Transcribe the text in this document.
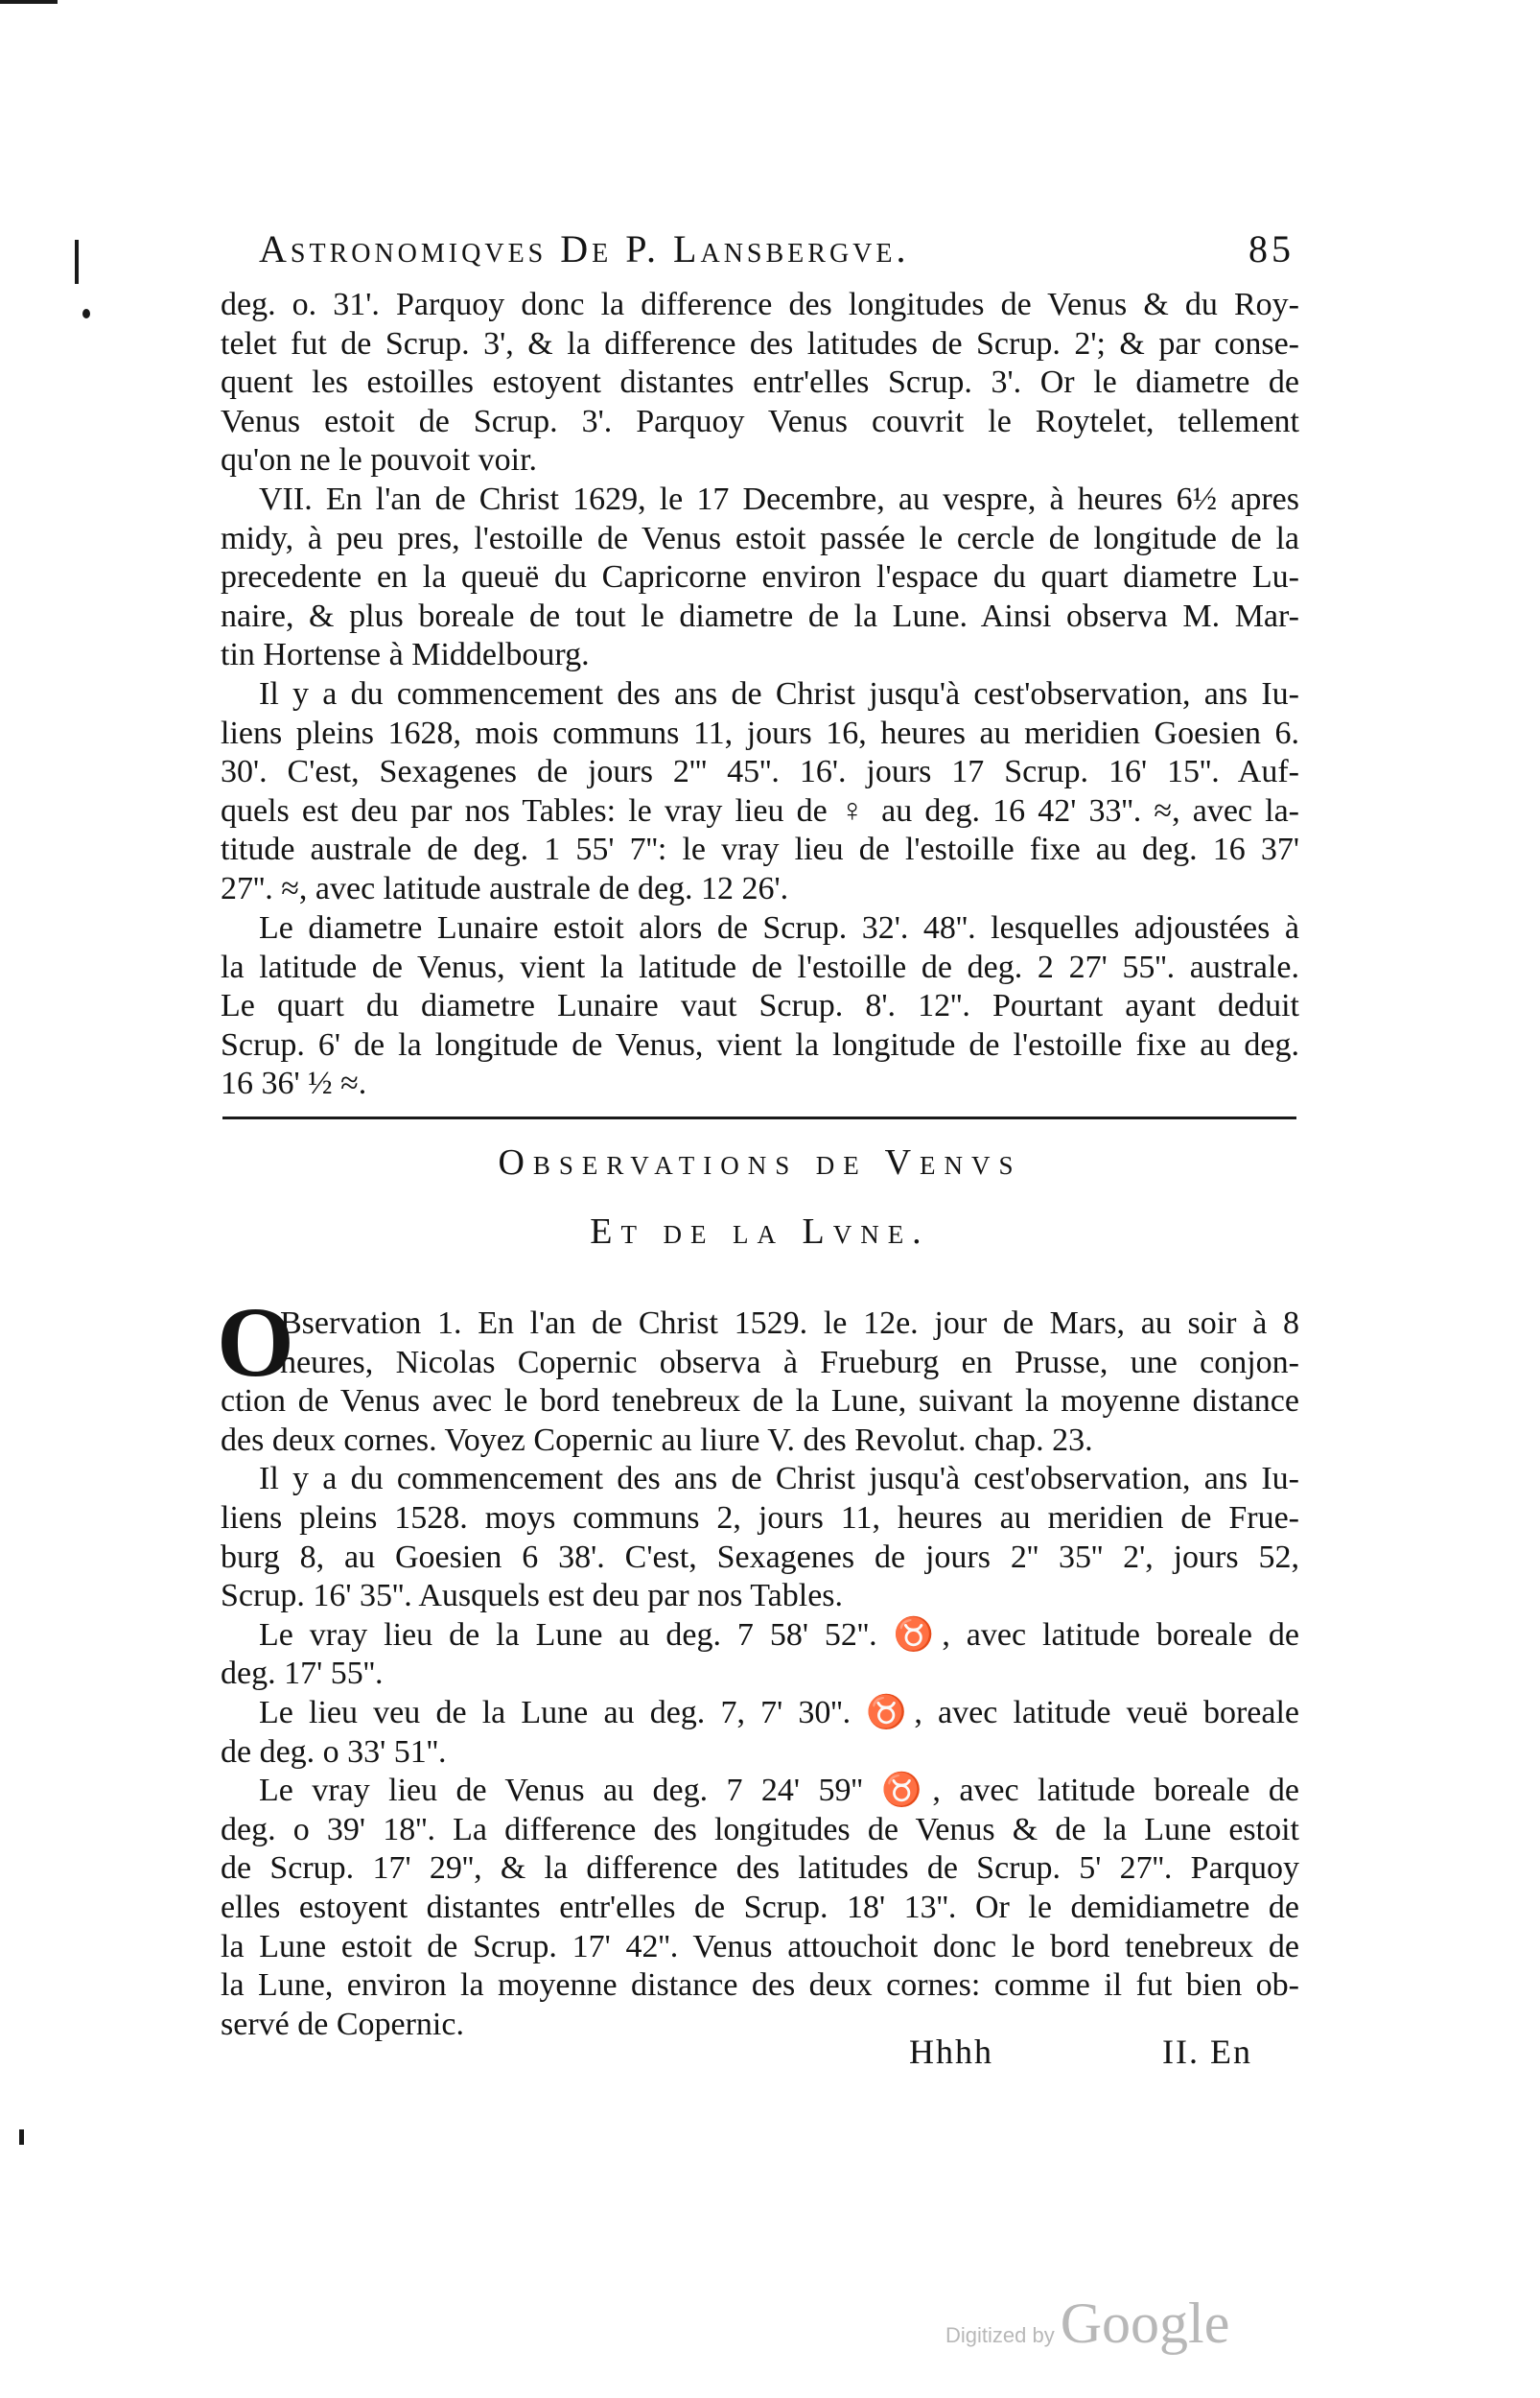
Astronomiqves De P. Lansbergve.	85
deg. o. 31'. Parquoy donc la difference des longitudes de Venus & du Roy-
telet fut de Scrup. 3', & la difference des latitudes de Scrup. 2'; & par conse-
quent les estoilles estoyent distantes entr'elles Scrup. 3'. Or le diametre de
Venus estoit de Scrup. 3'. Parquoy Venus couvrit le Roytelet, tellement
qu'on ne le pouvoit voir.
VII. En l'an de Christ 1629, le 17 Decembre, au vespre, à heures 6½ apres
midy, à peu pres, l'estoille de Venus estoit passée le cercle de longitude de la
precedente en la queuë du Capricorne environ l'espace du quart diametre Lu-
naire, & plus boreale de tout le diametre de la Lune. Ainsi observa M. Mar-
tin Hortense à Middelbourg.
Il y a du commencement des ans de Christ jusqu'à cest'observation, ans Iu-
liens pleins 1628, mois communs 11, jours 16, heures au meridien Goesien 6.
30'. C'est, Sexagenes de jours 2''' 45''. 16'. jours 17 Scrup. 16' 15''. Auf-
quels est deu par nos Tables: le vray lieu de ♀ au deg. 16 42' 33''. ≈, avec la-
titude australe de deg. 1 55' 7'': le vray lieu de l'estoille fixe au deg. 16 37'
27''. ≈, avec latitude australe de deg. 12 26'.
Le diametre Lunaire estoit alors de Scrup. 32'. 48''. lesquelles adjoustées à
la latitude de Venus, vient la latitude de l'estoille de deg. 2 27' 55''. australe.
Le quart du diametre Lunaire vaut Scrup. 8'. 12''. Pourtant ayant deduit
Scrup. 6' de la longitude de Venus, vient la longitude de l'estoille fixe au deg.
16 36' ½ ≈.
Observations de Venvs
Et de la Lvne.
O
Bservation 1. En l'an de Christ 1529. le 12e. jour de Mars, au soir à 8
heures, Nicolas Copernic observa à Frueburg en Prusse, une conjon-
ction de Venus avec le bord tenebreux de la Lune, suivant la moyenne distance
des deux cornes. Voyez Copernic au liure V. des Revolut. chap. 23.
Il y a du commencement des ans de Christ jusqu'à cest'observation, ans Iu-
liens pleins 1528. moys communs 2, jours 11, heures au meridien de Frue-
burg 8, au Goesien 6 38'. C'est, Sexagenes de jours 2'' 35'' 2', jours 52,
Scrup. 16' 35''. Ausquels est deu par nos Tables.
Le vray lieu de la Lune au deg. 7 58' 52''. ♉, avec latitude boreale de
deg. 17' 55''.
Le lieu veu de la Lune au deg. 7, 7' 30''. ♉, avec latitude veuë boreale
de deg. o 33' 51''.
Le vray lieu de Venus au deg. 7 24' 59'' ♉, avec latitude boreale de
deg. o 39' 18''. La difference des longitudes de Venus & de la Lune estoit
de Scrup. 17' 29'', & la difference des latitudes de Scrup. 5' 27''. Parquoy
elles estoyent distantes entr'elles de Scrup. 18' 13''. Or le demidiametre de
la Lune estoit de Scrup. 17' 42''. Venus attouchoit donc le bord tenebreux de
la Lune, environ la moyenne distance des deux cornes: comme il fut bien ob-
servé de Copernic.
Hhhh	II. En
Digitized by Google
